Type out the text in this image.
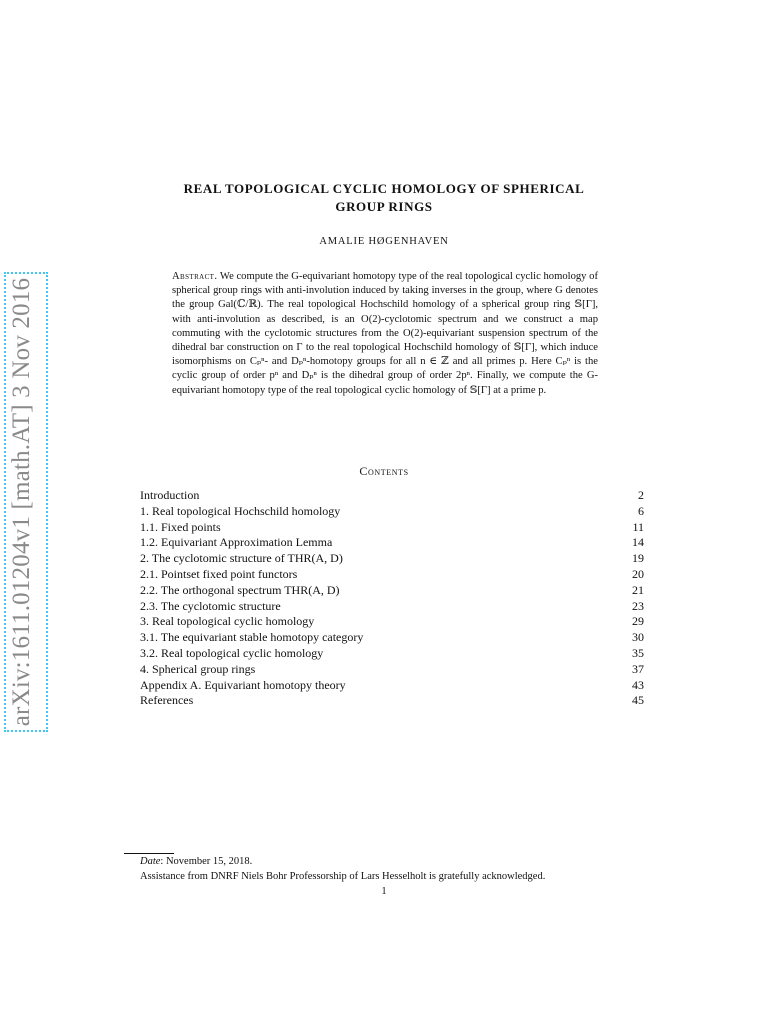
arXiv:1611.01204v1 [math.AT] 3 Nov 2016
REAL TOPOLOGICAL CYCLIC HOMOLOGY OF SPHERICAL
GROUP RINGS
AMALIE HØGENHAVEN
Abstract. We compute the G-equivariant homotopy type of the real topological cyclic homology of spherical group rings with anti-involution induced by taking inverses in the group, where G denotes the group Gal(ℂ/ℝ). The real topological Hochschild homology of a spherical group ring 𝕊[Γ], with anti-involution as described, is an O(2)-cyclotomic spectrum and we construct a map commuting with the cyclotomic structures from the O(2)-equivariant suspension spectrum of the dihedral bar construction on Γ to the real topological Hochschild homology of 𝕊[Γ], which induce isomorphisms on Cₚⁿ- and Dₚⁿ-homotopy groups for all n ∈ ℤ and all primes p. Here Cₚⁿ is the cyclic group of order pⁿ and Dₚⁿ is the dihedral group of order 2pⁿ. Finally, we compute the G-equivariant homotopy type of the real topological cyclic homology of 𝕊[Γ] at a prime p.
Contents
Introduction	2
1. Real topological Hochschild homology	6
1.1. Fixed points	11
1.2. Equivariant Approximation Lemma	14
2. The cyclotomic structure of THR(A, D)	19
2.1. Pointset fixed point functors	20
2.2. The orthogonal spectrum THR(A, D)	21
2.3. The cyclotomic structure	23
3. Real topological cyclic homology	29
3.1. The equivariant stable homotopy category	30
3.2. Real topological cyclic homology	35
4. Spherical group rings	37
Appendix A. Equivariant homotopy theory	43
References	45
Date: November 15, 2018.
Assistance from DNRF Niels Bohr Professorship of Lars Hesselholt is gratefully acknowledged.
1
